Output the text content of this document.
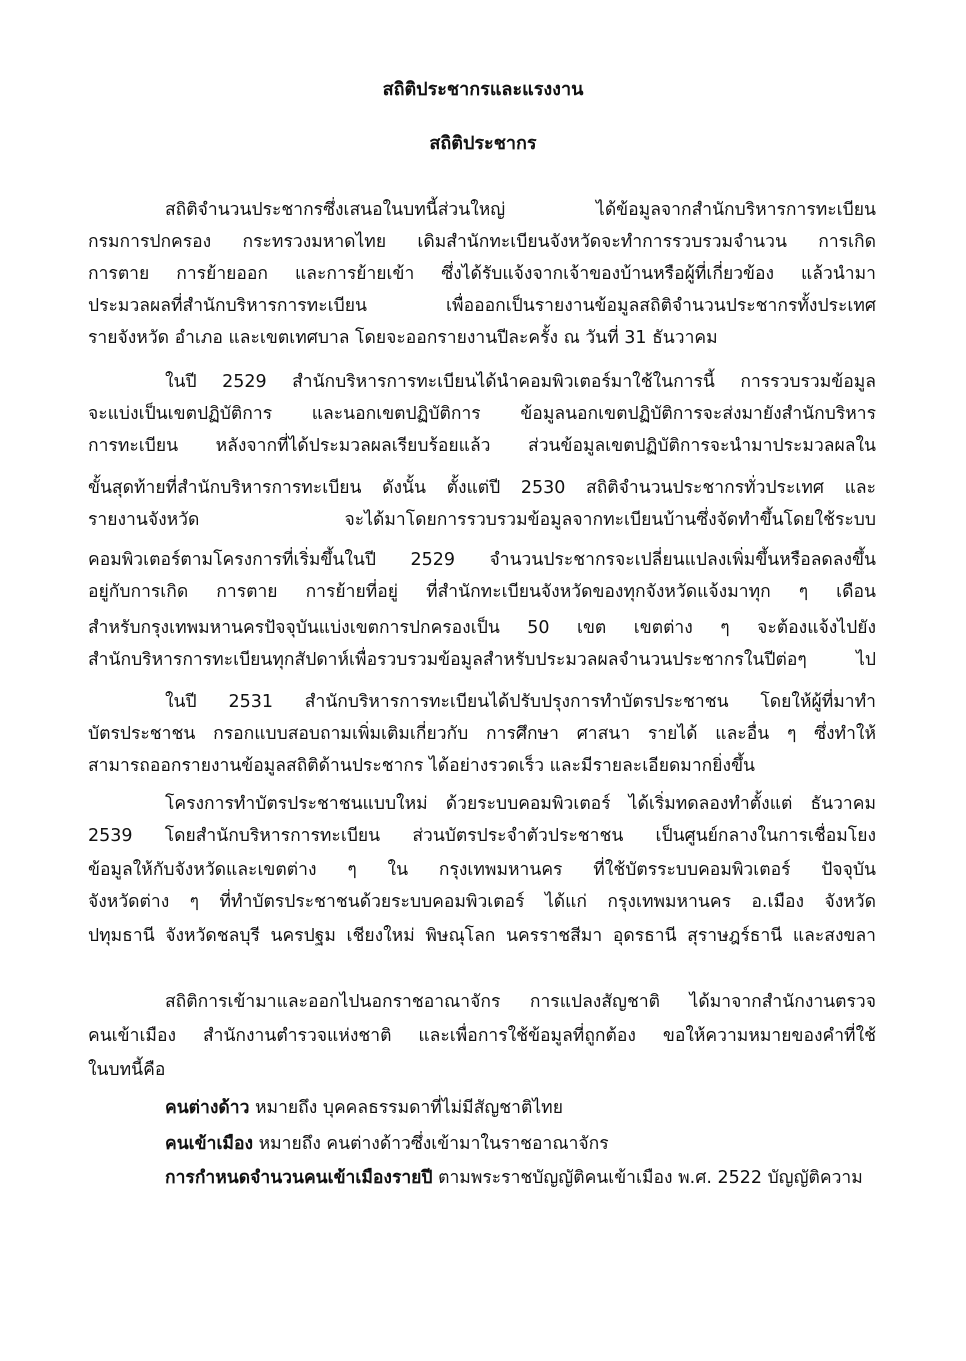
สถิติประชากรและแรงงาน
สถิติประชากร
สถิติจำนวนประชากรซึ่งเสนอในบทนี้ส่วนใหญ่ ได้ข้อมูลจากสำนักบริหารการทะเบียน
กรมการปกครอง กระทรวงมหาดไทย เดิมสำนักทะเบียนจังหวัดจะทำการรวบรวมจำนวน การเกิด
การตาย การย้ายออก และการย้ายเข้า ซึ่งได้รับแจ้งจากเจ้าของบ้านหรือผู้ที่เกี่ยวข้อง แล้วนำมา
ประมวลผลที่สำนักบริหารการทะเบียน เพื่อออกเป็นรายงานข้อมูลสถิติจำนวนประชากรทั้งประเทศ
รายจังหวัด อำเภอ และเขตเทศบาล โดยจะออกรายงานปีละครั้ง ณ วันที่ 31 ธันวาคม
ในปี 2529 สำนักบริหารการทะเบียนได้นำคอมพิวเตอร์มาใช้ในการนี้ การรวบรวมข้อมูล
จะแบ่งเป็นเขตปฏิบัติการ และนอกเขตปฏิบัติการ ข้อมูลนอกเขตปฏิบัติการจะส่งมายังสำนักบริหาร
การทะเบียน หลังจากที่ได้ประมวลผลเรียบร้อยแล้ว ส่วนข้อมูลเขตปฏิบัติการจะนำมาประมวลผลใน
ขั้นสุดท้ายที่สำนักบริหารการทะเบียน ดังนั้น ตั้งแต่ปี 2530 สถิติจำนวนประชากรทั่วประเทศ และ
รายงานจังหวัด จะได้มาโดยการรวบรวมข้อมูลจากทะเบียนบ้านซึ่งจัดทำขึ้นโดยใช้ระบบ
คอมพิวเตอร์ตามโครงการที่เริ่มขึ้นในปี 2529 จำนวนประชากรจะเปลี่ยนแปลงเพิ่มขึ้นหรือลดลงขึ้น
อยู่กับการเกิด การตาย การย้ายที่อยู่ ที่สำนักทะเบียนจังหวัดของทุกจังหวัดแจ้งมาทุก ๆ เดือน
สำหรับกรุงเทพมหานครปัจจุบันแบ่งเขตการปกครองเป็น 50 เขต เขตต่าง ๆ จะต้องแจ้งไปยัง
สำนักบริหารการทะเบียนทุกสัปดาห์เพื่อรวบรวมข้อมูลสำหรับประมวลผลจำนวนประชากรในปีต่อๆ ไป
ในปี 2531 สำนักบริหารการทะเบียนได้ปรับปรุงการทำบัตรประชาชน โดยให้ผู้ที่มาทำ
บัตรประชาชน กรอกแบบสอบถามเพิ่มเติมเกี่ยวกับ การศึกษา ศาสนา รายได้ และอื่น ๆ ซึ่งทำให้
สามารถออกรายงานข้อมูลสถิติด้านประชากร ได้อย่างรวดเร็ว และมีรายละเอียดมากยิ่งขึ้น
โครงการทำบัตรประชาชนแบบใหม่ ด้วยระบบคอมพิวเตอร์ ได้เริ่มทดลองทำตั้งแต่ ธันวาคม
2539 โดยสำนักบริหารการทะเบียน ส่วนบัตรประจำตัวประชาชน เป็นศูนย์กลางในการเชื่อมโยง
ข้อมูลให้กับจังหวัดและเขตต่าง ๆ ใน กรุงเทพมหานคร ที่ใช้บัตรระบบคอมพิวเตอร์ ปัจจุบัน
จังหวัดต่าง ๆ ที่ทำบัตรประชาชนด้วยระบบคอมพิวเตอร์ ได้แก่ กรุงเทพมหานคร อ.เมือง จังหวัด
ปทุมธานี จังหวัดชลบุรี นครปฐม เชียงใหม่ พิษณุโลก นครราชสีมา อุดรธานี สุราษฎร์ธานี และสงขลา
สถิติการเข้ามาและออกไปนอกราชอาณาจักร การแปลงสัญชาติ ได้มาจากสำนักงานตรวจ
คนเข้าเมือง สำนักงานตำรวจแห่งชาติ และเพื่อการใช้ข้อมูลที่ถูกต้อง ขอให้ความหมายของคำที่ใช้
ในบทนี้คือ
คนต่างด้าว หมายถึง บุคคลธรรมดาที่ไม่มีสัญชาติไทย
คนเข้าเมือง หมายถึง คนต่างด้าวซึ่งเข้ามาในราชอาณาจักร
การกำหนดจำนวนคนเข้าเมืองรายปี ตามพระราชบัญญัติคนเข้าเมือง พ.ศ. 2522 บัญญัติความ
